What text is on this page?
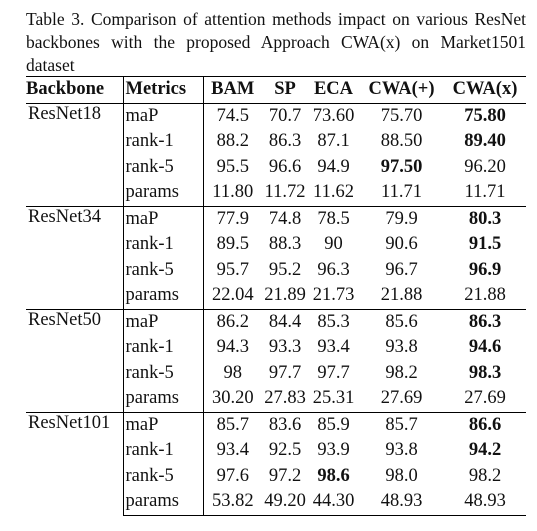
Table 3. Comparison of attention methods impact on various ResNet backbones with the proposed Approach CWA(x) on Market1501 dataset
Backbone	Metrics	BAM	SP	ECA	CWA(+)	CWA(x)
ResNet18	maP	74.5	70.7	73.60	75.70	75.80
	rank-1	88.2	86.3	87.1	88.50	89.40
	rank-5	95.5	96.6	94.9	97.50	96.20
	params	11.80	11.72	11.62	11.71	11.71
ResNet34	maP	77.9	74.8	78.5	79.9	80.3
	rank-1	89.5	88.3	90	90.6	91.5
	rank-5	95.7	95.2	96.3	96.7	96.9
	params	22.04	21.89	21.73	21.88	21.88
ResNet50	maP	86.2	84.4	85.3	85.6	86.3
	rank-1	94.3	93.3	93.4	93.8	94.6
	rank-5	98	97.7	97.7	98.2	98.3
	params	30.20	27.83	25.31	27.69	27.69
ResNet101	maP	85.7	83.6	85.9	85.7	86.6
	rank-1	93.4	92.5	93.9	93.8	94.2
	rank-5	97.6	97.2	98.6	98.0	98.2
	params	53.82	49.20	44.30	48.93	48.93
